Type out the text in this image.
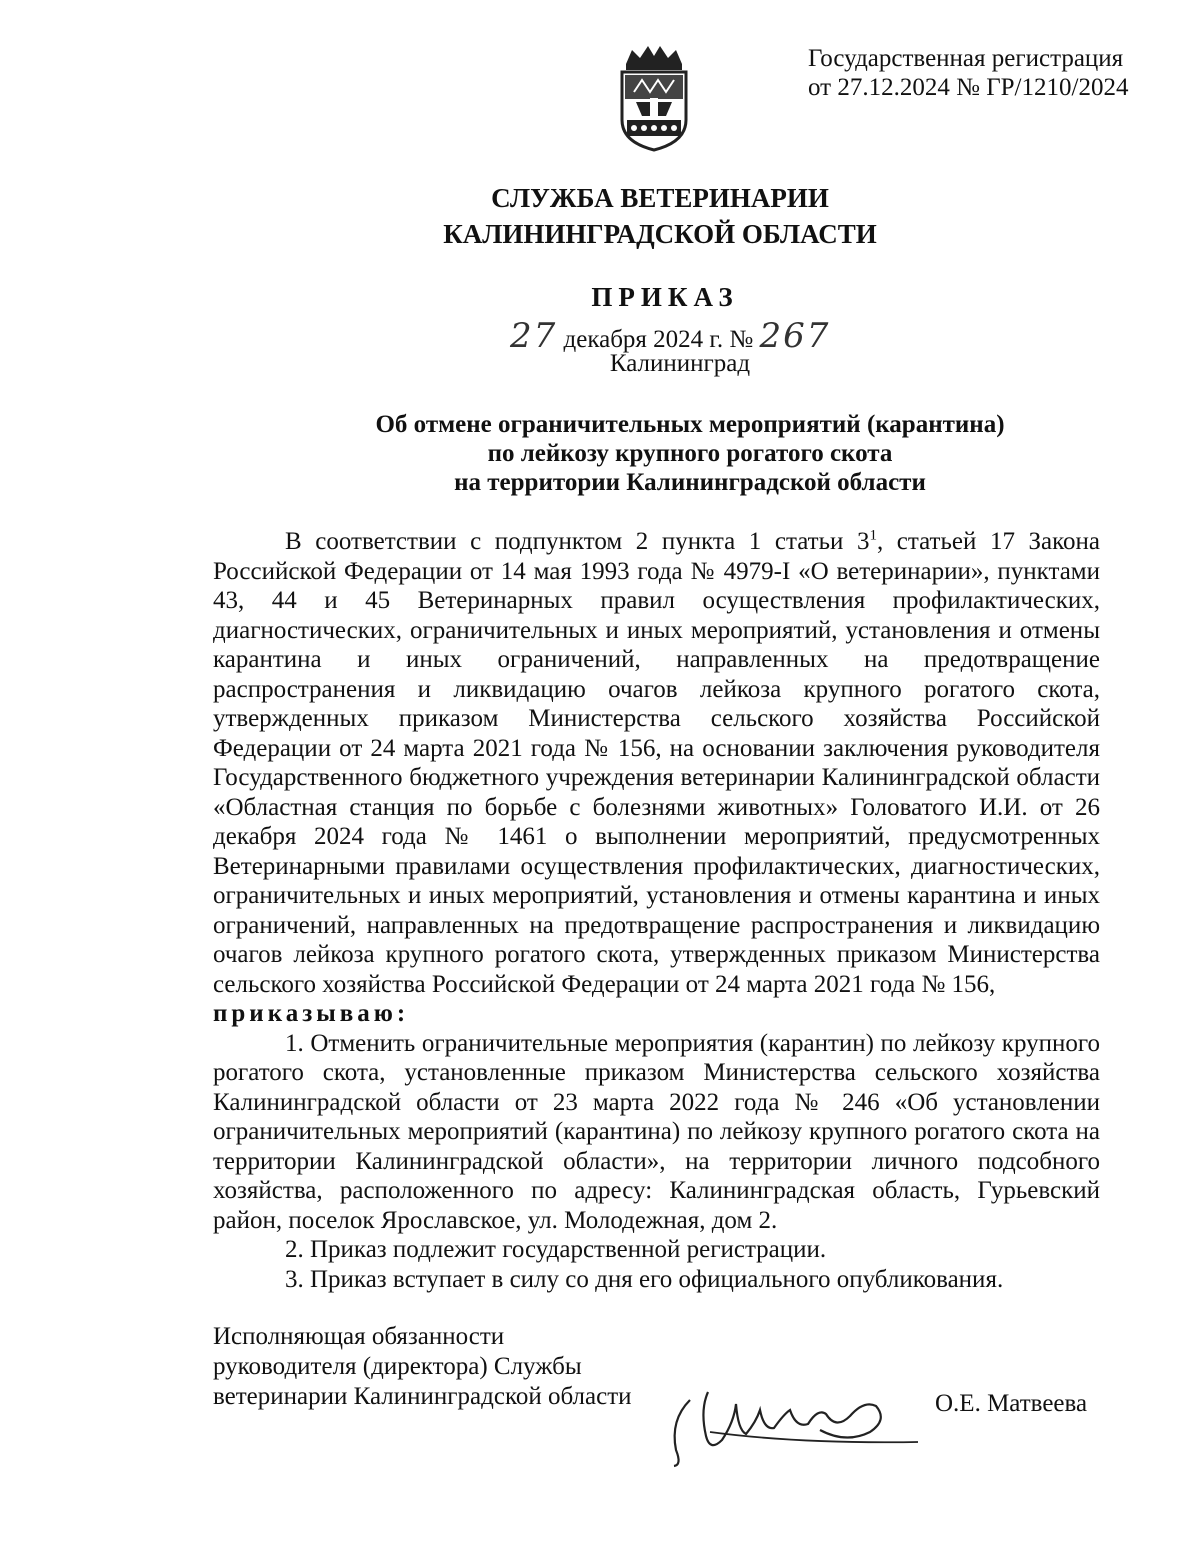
Государственная регистрация
от 27.12.2024 № ГР/1210/2024
СЛУЖБА ВЕТЕРИНАРИИ
КАЛИНИНГРАДСКОЙ ОБЛАСТИ
ПРИКАЗ
27 декабря 2024 г. № 267
Калининград
Об отмене ограничительных мероприятий (карантина)
по лейкозу крупного рогатого скота
на территории Калининградской области

В соответствии с подпунктом 2 пункта 1 статьи $3^1$, статьей 17 Закона Российской Федерации от 14 мая 1993 года № 4979-I «О ветеринарии», пунктами 43, 44 и 45 Ветеринарных правил осуществления профилактических, диагностических, ограничительных и иных мероприятий, установления и отмены карантина и иных ограничений, направленных на предотвращение распространения и ликвидацию очагов лейкоза крупного рогатого скота, утвержденных приказом Министерства сельского хозяйства Российской Федерации от 24 марта 2021 года № 156, на основании заключения руководителя Государственного бюджетного учреждения ветеринарии Калининградской области «Областная станция по борьбе с болезнями животных» Головатого И.И. от 26 декабря 2024 года № 1461 о выполнении мероприятий, предусмотренных Ветеринарными правилами осуществления профилактических, диагностических, ограничительных и иных мероприятий, установления и отмены карантина и иных ограничений, направленных на предотвращение распространения и ликвидацию очагов лейкоза крупного рогатого скота, утвержденных приказом Министерства сельского хозяйства Российской Федерации от 24 марта 2021 года № 156,

приказываю:

1. Отменить ограничительные мероприятия (карантин) по лейкозу крупного рогатого скота, установленные приказом Министерства сельского хозяйства Калининградской области от 23 марта 2022 года № 246 «Об установлении ограничительных мероприятий (карантина) по лейкозу крупного рогатого скота на территории Калининградской области», на территории личного подсобного хозяйства, расположенного по адресу: Калининградская область, Гурьевский район, поселок Ярославское, ул. Молодежная, дом 2.

2. Приказ подлежит государственной регистрации.

3. Приказ вступает в силу со дня его официального опубликования.

Исполняющая обязанности
руководителя (директора) Службы
ветеринарии Калининградской области	О.Е. Матвеева
